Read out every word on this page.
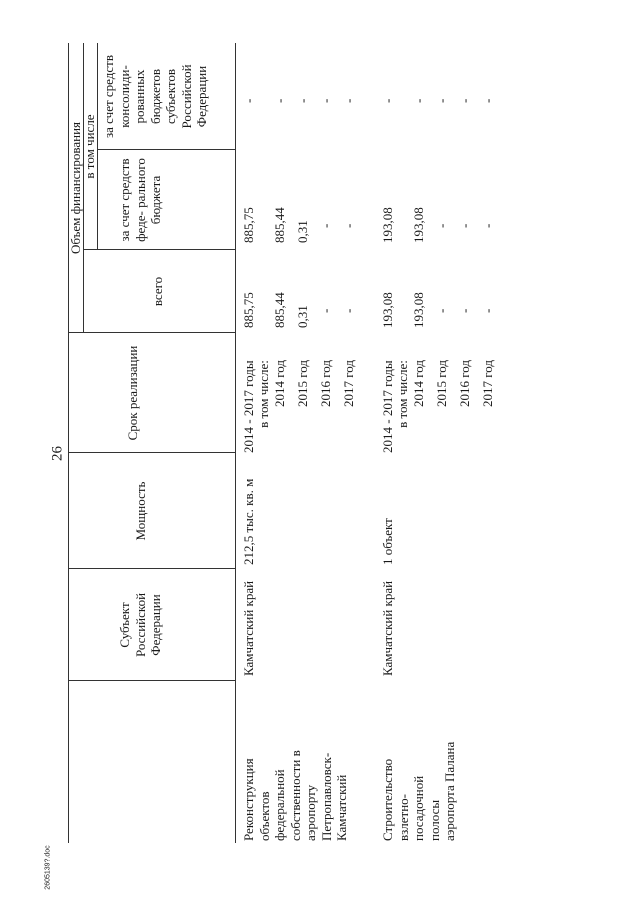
26
2605139?.doc
Субъект Российской Федерации
Мощность
Срок реализации
Объем финансирования в том числе
всего
за счет средств феде- рального бюджета
за счет средств консолиди- рованных бюджетов субъектов Российской Федерации
Реконструкция объектов федеральной собственности в аэропорту Петропавловск-Камчатский
Камчатский край
212,5 тыс. кв. м
2014 - 2017 годы в том числе:
885,75
885,75
-
2014 год
885,44
885,44
-
2015 год
0,31
0,31
-
2016 год
-
-
-
2017 год
-
-
-
Строительство взлетно-посадочной полосы аэропорта Палана
Камчатский край
1 объект
2014 - 2017 годы в том числе:
193,08
193,08
-
2014 год
193,08
193,08
-
2015 год
-
-
-
2016 год
-
-
-
2017 год
-
-
-
